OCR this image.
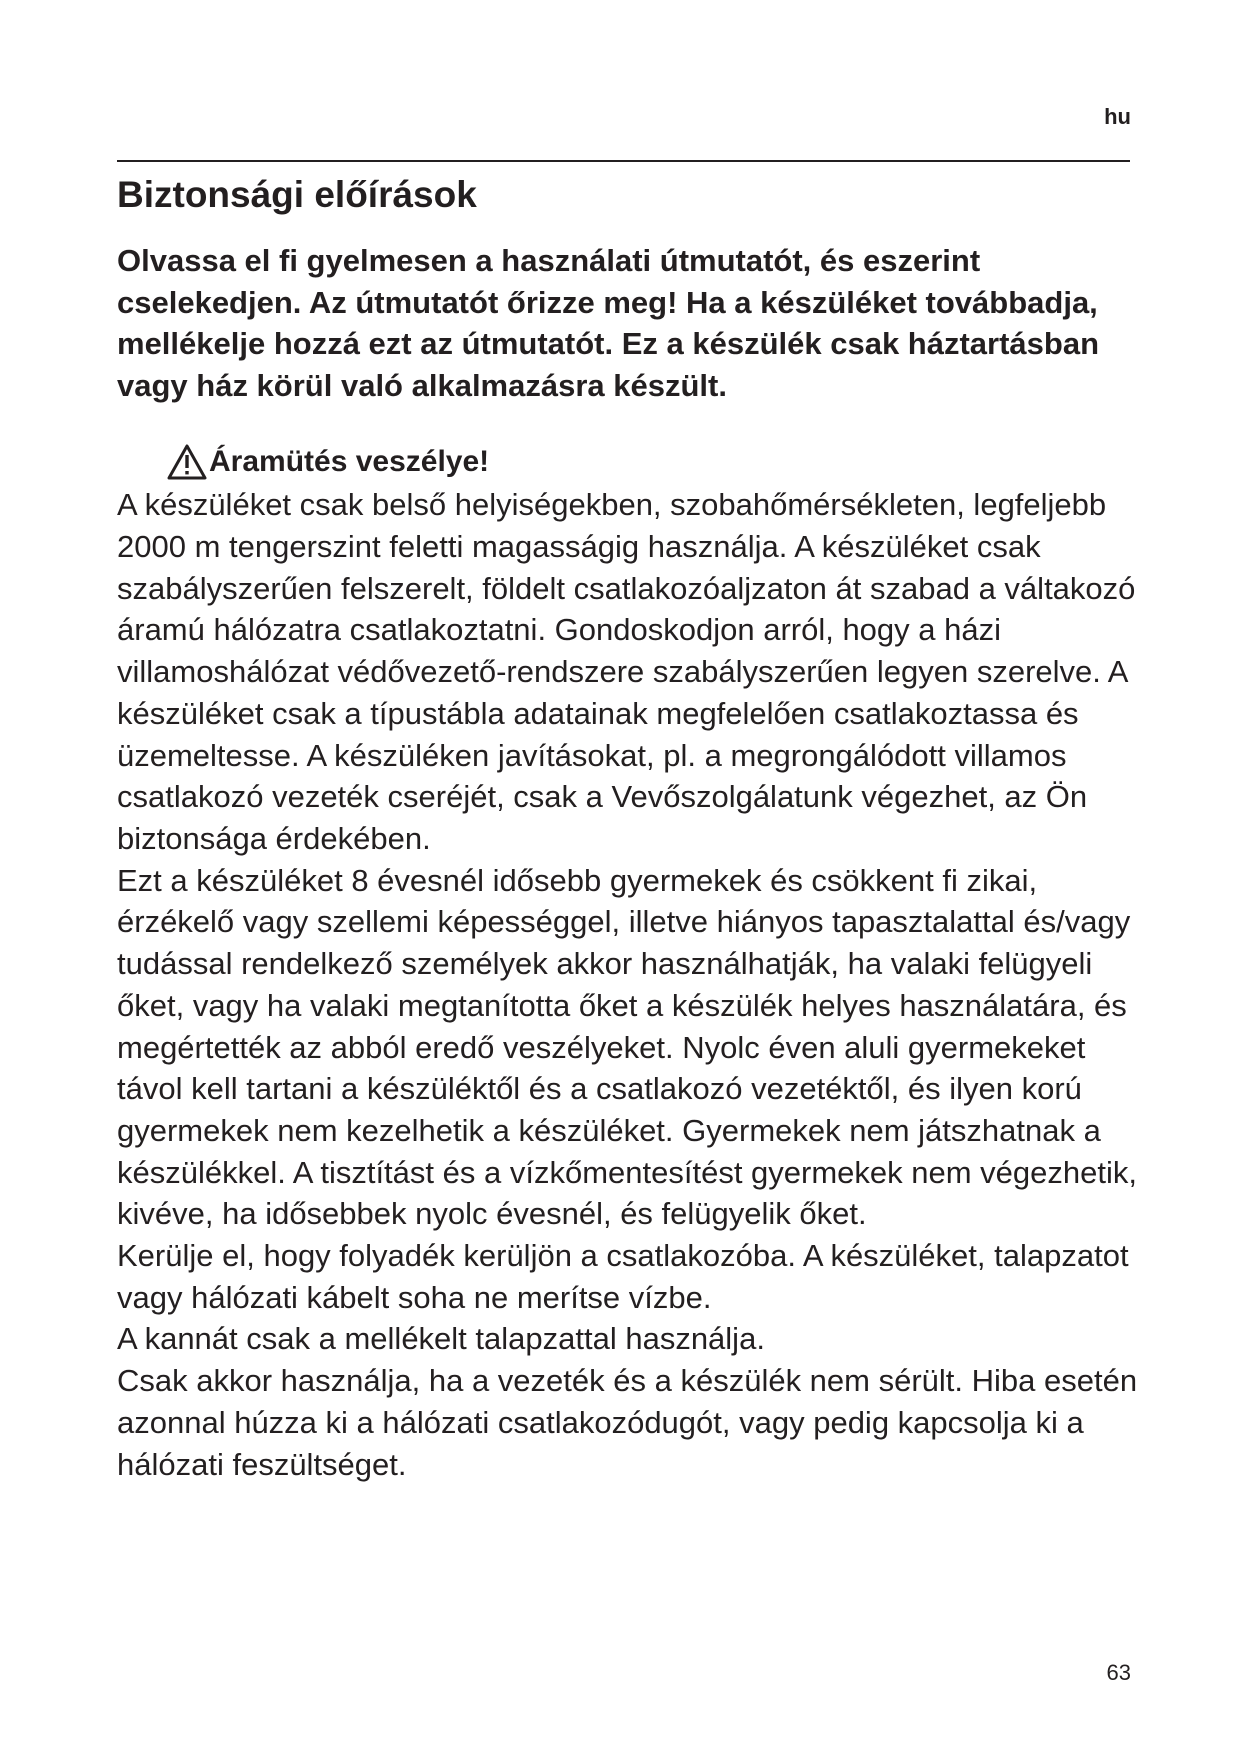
hu
Biztonsági előírások

Olvassa el fi gyelmesen a használati útmutatót, és eszerint cselekedjen. Az útmutatót őrizze meg! Ha a készüléket továbbadja, mellékelje hozzá ezt az útmutatót. Ez a készülék csak háztartásban vagy ház körül való alkalmazásra készült.

Áramütés veszélye!

A készüléket csak belső helyiségekben, szobahőmérsékleten, legfeljebb 2000 m tengerszint feletti magasságig használja. A készüléket csak szabályszerűen felszerelt, földelt csatlakozóaljzaton át szabad a váltakozó áramú hálózatra csatlakoztatni. Gondoskodjon arról, hogy a házi villamoshálózat védővezető-rendszere szabályszerűen legyen szerelve. A készüléket csak a típustábla adatainak megfelelően csatlakoztassa és üzemeltesse. A készüléken javításokat, pl. a megrongálódott villamos csatlakozó vezeték cseréjét, csak a Vevőszolgálatunk végezhet, az Ön biztonsága érdekében.

Ezt a készüléket 8 évesnél idősebb gyermekek és csökkent fi zikai, érzékelő vagy szellemi képességgel, illetve hiányos tapasztalattal és/vagy tudással rendelkező személyek akkor használhatják, ha valaki felügyeli őket, vagy ha valaki megtanította őket a készülék helyes használatára, és megértették az abból eredő veszélyeket. Nyolc éven aluli gyermekeket távol kell tartani a készüléktől és a csatlakozó vezetéktől, és ilyen korú gyermekek nem kezelhetik a készüléket. Gyermekek nem játszhatnak a készülékkel. A tisztítást és a vízkőmentesítést gyermekek nem végezhetik, kivéve, ha idősebbek nyolc évesnél, és felügyelik őket.

Kerülje el, hogy folyadék kerüljön a csatlakozóba. A készüléket, talapzatot vagy hálózati kábelt soha ne merítse vízbe.

A kannát csak a mellékelt talapzattal használja.

Csak akkor használja, ha a vezeték és a készülék nem sérült. Hiba esetén azonnal húzza ki a hálózati csatlakozódugót, vagy pedig kapcsolja ki a hálózati feszültséget.

63
